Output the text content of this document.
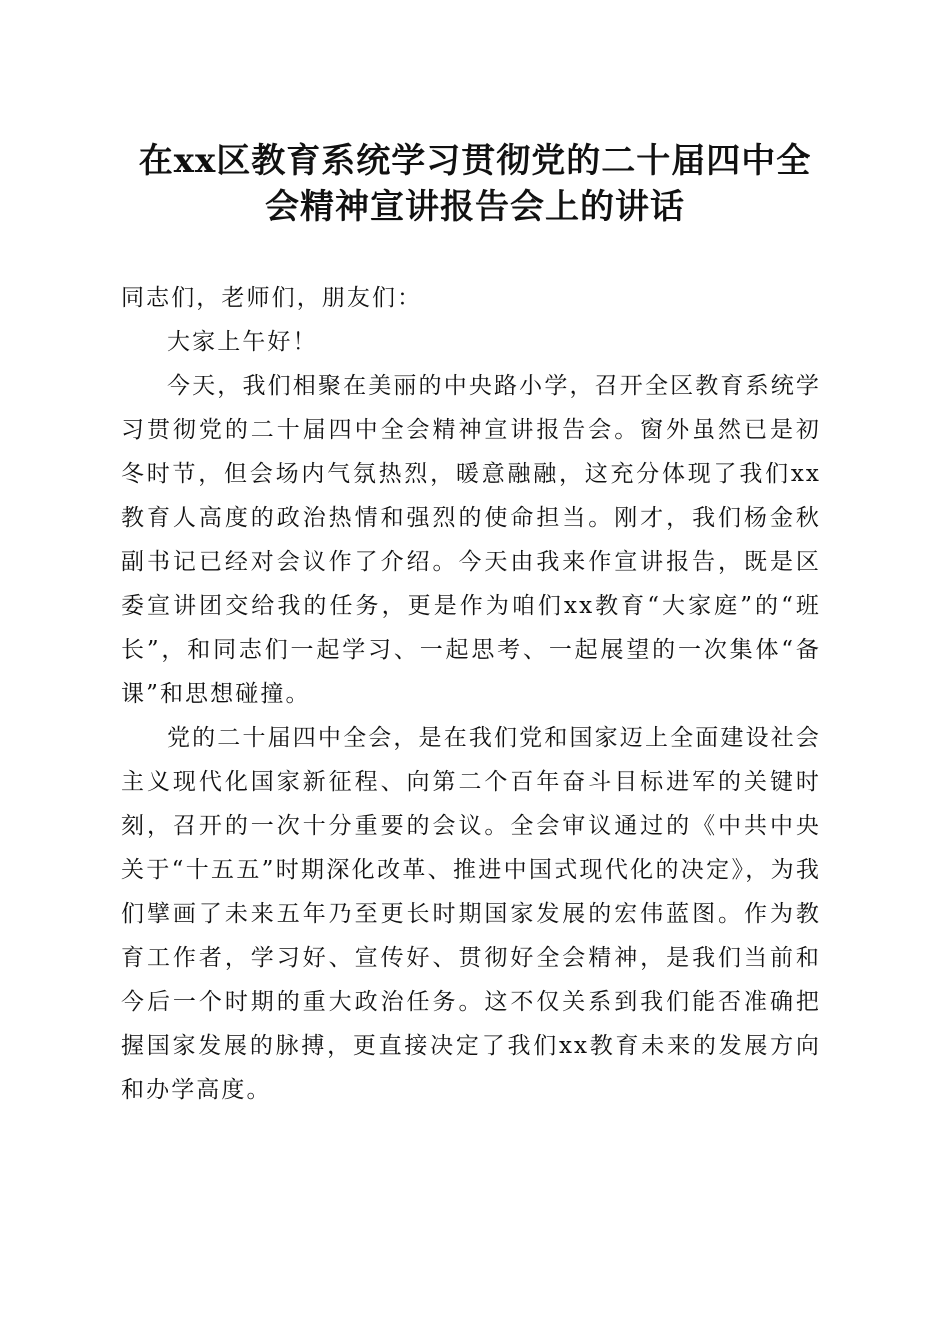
在xx区教育系统学习贯彻党的二十届四中全
会精神宣讲报告会上的讲话

同志们，老师们，朋友们：

大家上午好！

今天，我们相聚在美丽的中央路小学，召开全区教育系统学习贯彻党的二十届四中全会精神宣讲报告会。窗外虽然已是初冬时节，但会场内气氛热烈，暖意融融，这充分体现了我们xx教育人高度的政治热情和强烈的使命担当。刚才，我们杨金秋副书记已经对会议作了介绍。今天由我来作宣讲报告，既是区委宣讲团交给我的任务，更是作为咱们xx教育“大家庭”的“班长”，和同志们一起学习、一起思考、一起展望的一次集体“备课”和思想碰撞。

党的二十届四中全会，是在我们党和国家迈上全面建设社会主义现代化国家新征程、向第二个百年奋斗目标进军的关键时刻，召开的一次十分重要的会议。全会审议通过的《中共中央关于“十五五”时期深化改革、推进中国式现代化的决定》，为我们擘画了未来五年乃至更长时期国家发展的宏伟蓝图。作为教育工作者，学习好、宣传好、贯彻好全会精神，是我们当前和今后一个时期的重大政治任务。这不仅关系到我们能否准确把握国家发展的脉搏，更直接决定了我们xx教育未来的发展方向和办学高度。
